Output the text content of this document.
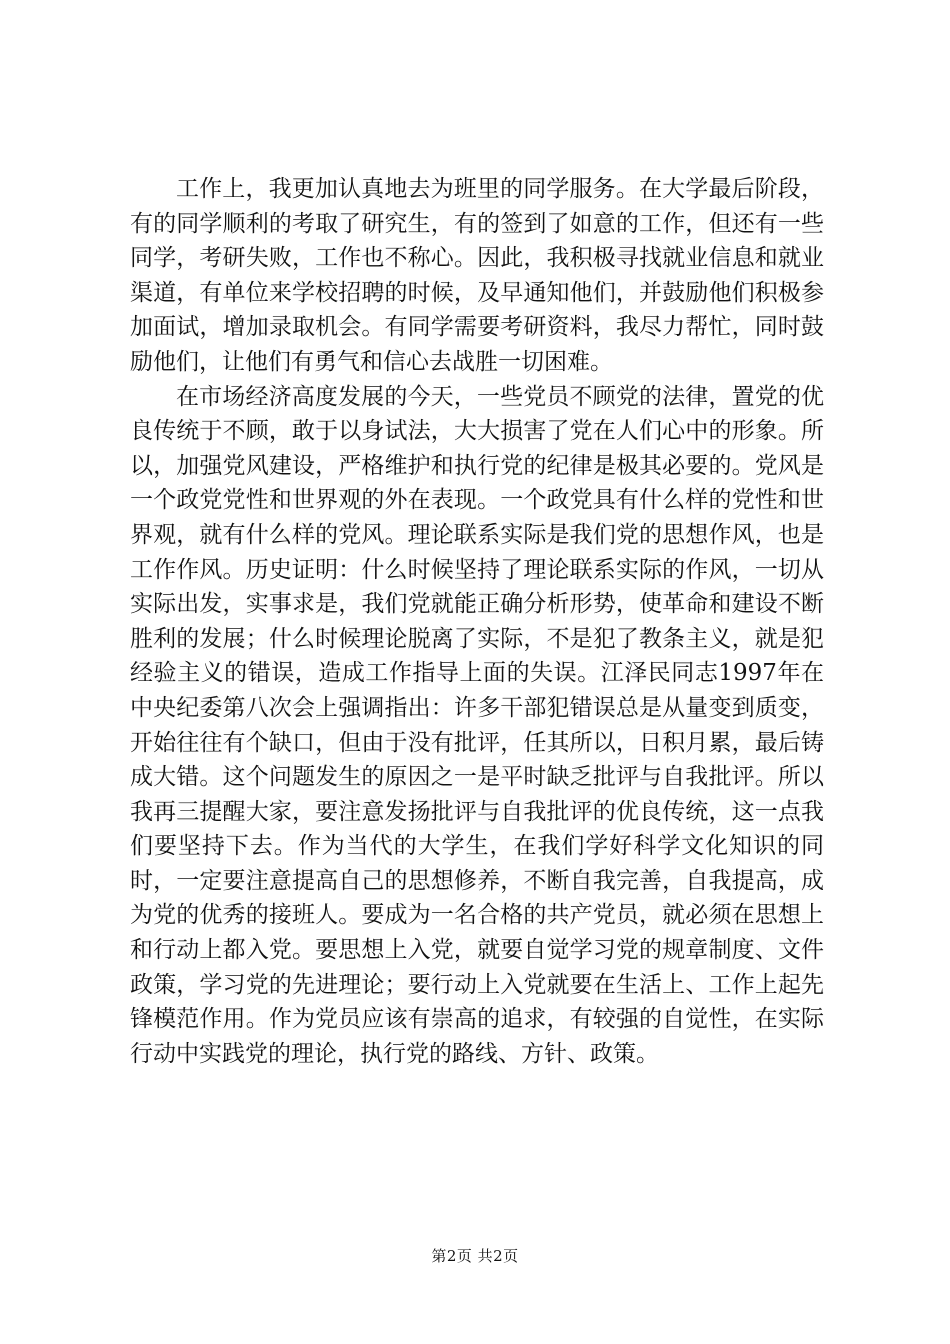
工作上，我更加认真地去为班里的同学服务。在大学最后阶段，有的同学顺利的考取了研究生，有的签到了如意的工作，但还有一些同学，考研失败，工作也不称心。因此，我积极寻找就业信息和就业渠道，有单位来学校招聘的时候，及早通知他们，并鼓励他们积极参加面试，增加录取机会。有同学需要考研资料，我尽力帮忙，同时鼓励他们，让他们有勇气和信心去战胜一切困难。

在市场经济高度发展的今天，一些党员不顾党的法律，置党的优良传统于不顾，敢于以身试法，大大损害了党在人们心中的形象。所以，加强党风建设，严格维护和执行党的纪律是极其必要的。党风是一个政党党性和世界观的外在表现。一个政党具有什么样的党性和世界观，就有什么样的党风。理论联系实际是我们党的思想作风，也是工作作风。历史证明：什么时候坚持了理论联系实际的作风，一切从实际出发，实事求是，我们党就能正确分析形势，使革命和建设不断胜利的发展；什么时候理论脱离了实际，不是犯了教条主义，就是犯经验主义的错误，造成工作指导上面的失误。江泽民同志1997年在中央纪委第八次会上强调指出：许多干部犯错误总是从量变到质变，开始往往有个缺口，但由于没有批评，任其所以，日积月累，最后铸成大错。这个问题发生的原因之一是平时缺乏批评与自我批评。所以我再三提醒大家，要注意发扬批评与自我批评的优良传统，这一点我们要坚持下去。作为当代的大学生，在我们学好科学文化知识的同时，一定要注意提高自己的思想修养，不断自我完善，自我提高，成为党的优秀的接班人。要成为一名合格的共产党员，就必须在思想上和行动上都入党。要思想上入党，就要自觉学习党的规章制度、文件政策，学习党的先进理论；要行动上入党就要在生活上、工作上起先锋模范作用。作为党员应该有崇高的追求，有较强的自觉性，在实际行动中实践党的理论，执行党的路线、方针、政策。

第2页 共2页
